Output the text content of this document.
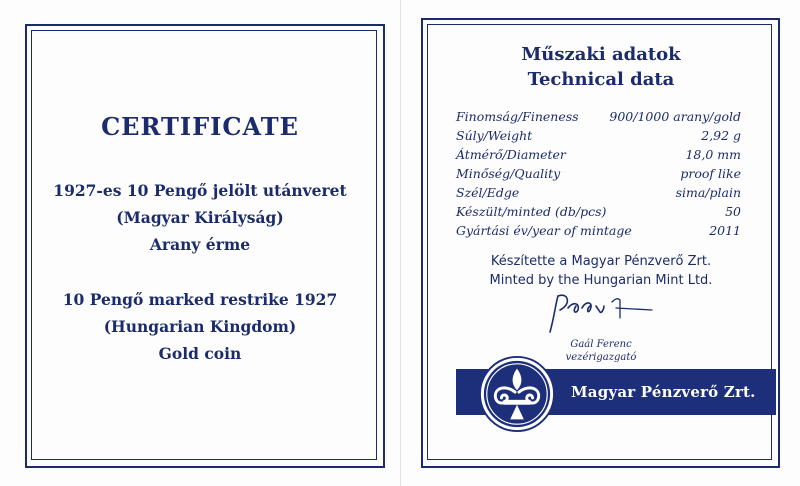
CERTIFICATE
1927-es 10 Pengő jelölt utánveret
(Magyar Királyság)
Arany érme
10 Pengő marked restrike 1927
(Hungarian Kingdom)
Gold coin
Műszaki adatok
Technical data
Finomság/Fineness 900/1000 arany/gold
Súly/Weight	2,92 g
Átmérő/Diameter	18,0 mm
Minőség/Quality	proof like
Szél/Edge	sima/plain
Készült/minted (db/pcs)	50
Gyártási év/year of mintage	2011
Készítette a Magyar Pénzverő Zrt.
Minted by the Hungarian Mint Ltd.
Gaál Ferenc
vezérigazgató
Magyar Pénzverő Zrt.
